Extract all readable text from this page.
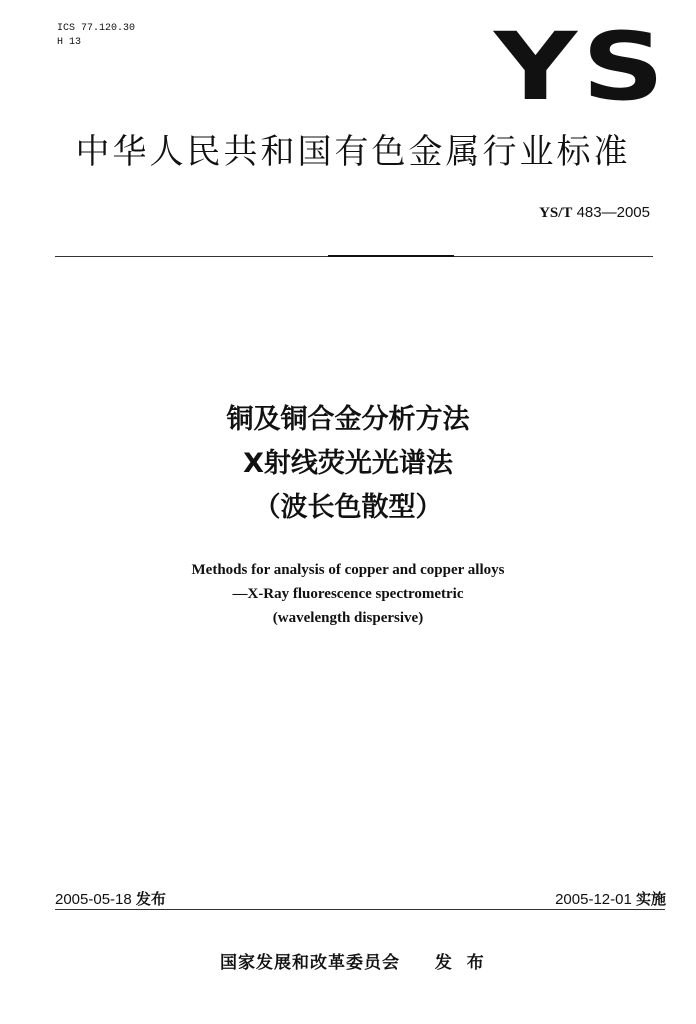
ICS 77.120.30
H 13	YS
中华人民共和国有色金属行业标准
YS/T 483—2005
铜及铜合金分析方法
X射线荧光光谱法
（波长色散型）
Methods for analysis of copper and copper alloys
—X-Ray fluorescence spectrometric
(wavelength dispersive)
2005-05-18 发布	2005-12-01 实施
国家发展和改革委员会 发  布
